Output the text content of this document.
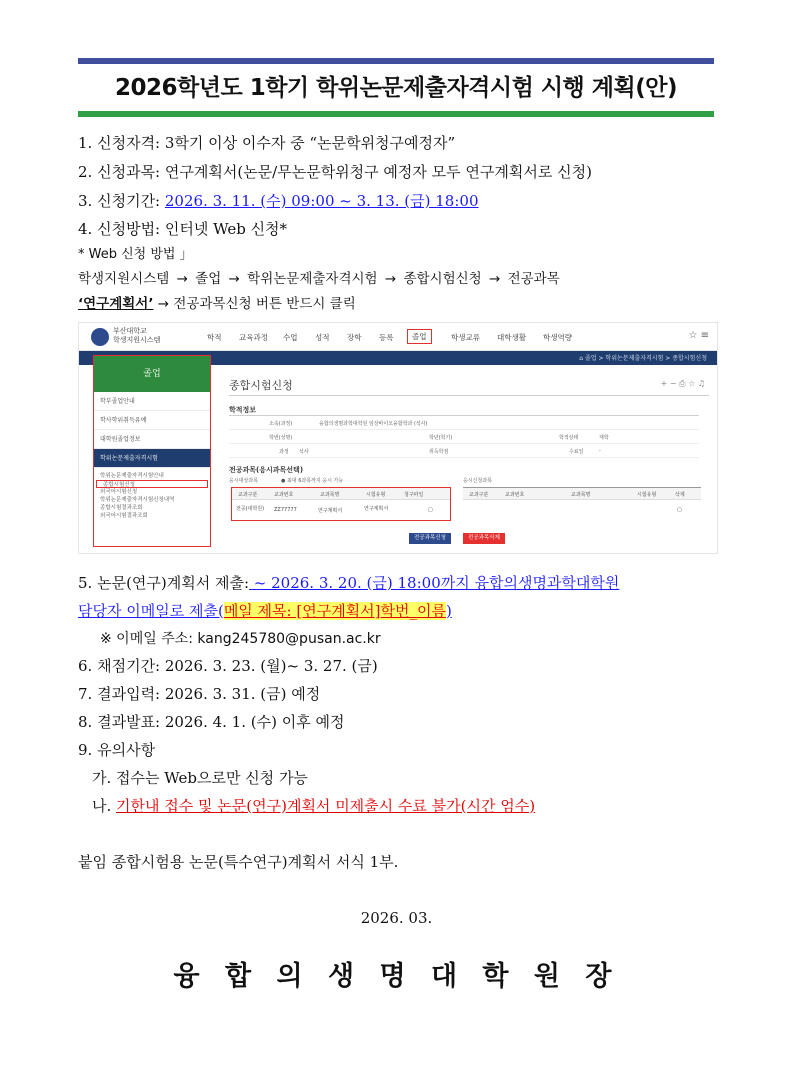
2026학년도 1학기 학위논문제출자격시험 시행 계획(안)
1. 신청자격: 3학기 이상 이수자 중 “논문학위청구예정자”
2. 신청과목: 연구계획서(논문/무논문학위청구 예정자 모두 연구계획서로 신청)
3. 신청기간: 2026. 3. 11. (수) 09:00 ~ 3. 13. (금) 18:00
4. 신청방법: 인터넷 Web 신청*
* Web 신청 방법 」
학생지원시스템 → 졸업 → 학위논문제출자격시험 → 종합시험신청 → 전공과목
‘연구계획서’ → 전공과목신청 버튼 반드시 클릭
부산대학교
학생지원시스템	학적 교육과정 수업 성적 장학 등록	졸업	학생교류 대학생활 학생역량	☆ ≡
⌂ 졸업 > 학위논문제출자격시험 > 종합시험신청
졸업
학부졸업안내
학사학위취득유예
대학원졸업정보
학위논문제출자격시험
학위논문제출자격시험안내
종합시험신청
외국어시험신청
학위논문제출자격시험신청내역
종합시험결과조회
외국어시험결과조회
종합시험신청	+ − ⎙ ☆ ♫
학적정보
소속(과정)	융합의생명과학대학원 임상바이오융합학과 (석사)
학번(성명)	학년(학기)	학적상태	재학
과정 석사	취득학점	수료일	-
전공과목(응시과목선택)
응시대상과목	● 최대 6과목까지 응시 가능	응시신청과목
교과구분	교과번호	교과목명	시험유형	청구파일
전공(대학원)	ZZ77777	연구계획서	연구계획서	▢
교과구분	교과번호	교과목명	시험유형	삭제
▢
전공과목신청	전공과목삭제
5. 논문(연구)계획서 제출: ~ 2026. 3. 20. (금) 18:00까지 융합의생명과학대학원
담당자 이메일로 제출(메일 제목: [연구계획서]학번_이름)
※ 이메일 주소: kang245780@pusan.ac.kr
6. 채점기간: 2026. 3. 23. (월)~ 3. 27. (금)
7. 결과입력: 2026. 3. 31. (금) 예정
8. 결과발표: 2026. 4. 1. (수) 이후 예정
9. 유의사항
가. 접수는 Web으로만 신청 가능
나. 기한내 접수 및 논문(연구)계획서 미제출시 수료 불가(시간 엄수)
붙임 종합시험용 논문(특수연구)계획서 서식 1부.
2026. 03.
융 합 의 생 명 대 학 원 장
